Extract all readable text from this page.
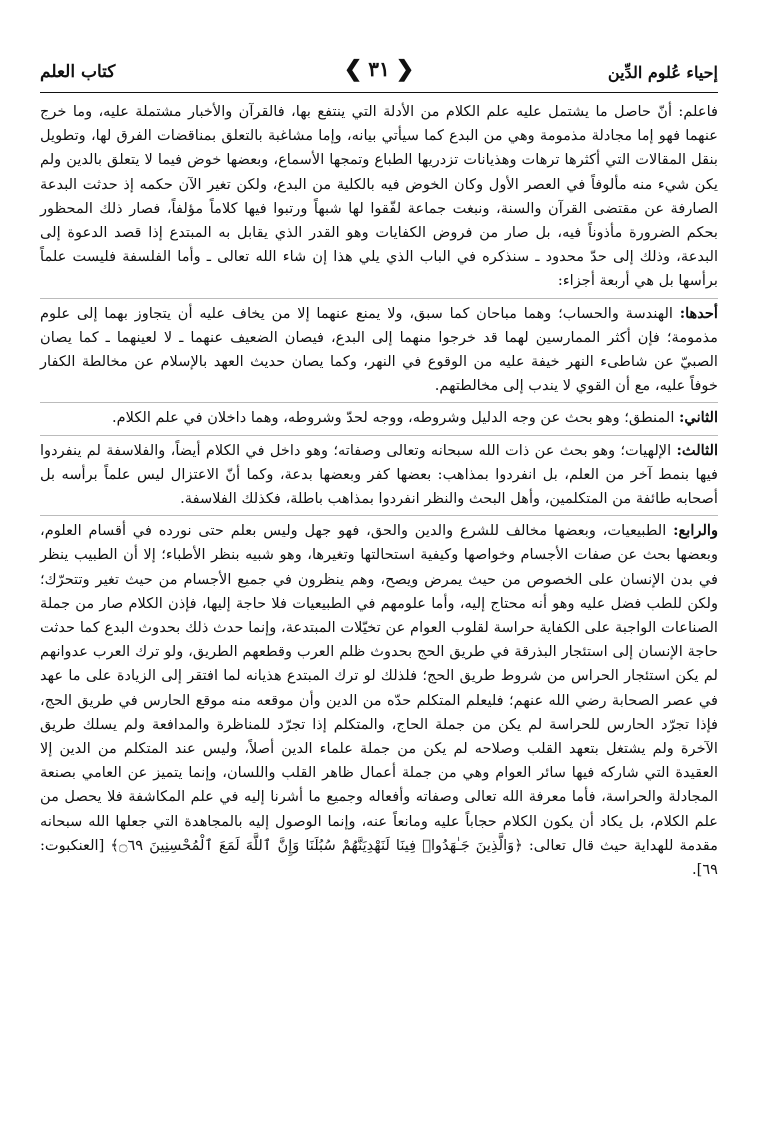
كتاب العلم	❮ ٣١ ❯	إحياء عُلوم الدِّين

فاعلم: أنّ حاصل ما يشتمل عليه علم الكلام من الأدلة التي ينتفع بها، فالقرآن والأخبار مشتملة عليه، وما خرج عنهما فهو إما مجادلة مذمومة وهي من البدع كما سيأتي بيانه، وإما مشاغبة بالتعلق بمناقضات الفرق لها، وتطويل بنقل المقالات التي أكثرها ترهات وهذيانات تزدريها الطباع وتمجها الأسماع، وبعضها خوض فيما لا يتعلق بالدين ولم يكن شيء منه مألوفاً في العصر الأول وكان الخوض فيه بالكلية من البدع، ولكن تغير الآن حكمه إذ حدثت البدعة الصارفة عن مقتضى القرآن والسنة، ونبغت جماعة لفّقوا لها شبهاً ورتبوا فيها كلاماً مؤلفاً، فصار ذلك المحظور بحكم الضرورة مأذوناً فيه، بل صار من فروض الكفايات وهو القدر الذي يقابل به المبتدع إذا قصد الدعوة إلى البدعة، وذلك إلى حدّ محدود ـ سنذكره في الباب الذي يلي هذا إن شاء الله تعالى ـ وأما الفلسفة فليست علماً برأسها بل هي أربعة أجزاء:

أحدها: الهندسة والحساب؛ وهما مباحان كما سبق، ولا يمنع عنهما إلا من يخاف عليه أن يتجاوز بهما إلى علوم مذمومة؛ فإن أكثر الممارسين لهما قد خرجوا منهما إلى البدع، فيصان الضعيف عنهما ـ لا لعينهما ـ كما يصان الصبيّ عن شاطىء النهر خيفة عليه من الوقوع في النهر، وكما يصان حديث العهد بالإسلام عن مخالطة الكفار خوفاً عليه، مع أن القوي لا يندب إلى مخالطتهم.

الثاني: المنطق؛ وهو بحث عن وجه الدليل وشروطه، ووجه لحدّ وشروطه، وهما داخلان في علم الكلام.

الثالث: الإلهيات؛ وهو بحث عن ذات الله سبحانه وتعالى وصفاته؛ وهو داخل في الكلام أيضاً، والفلاسفة لم ينفردوا فيها بنمط آخر من العلم، بل انفردوا بمذاهب: بعضها كفر وبعضها بدعة، وكما أنّ الاعتزال ليس علماً برأسه بل أصحابه طائفة من المتكلمين، وأهل البحث والنظر انفردوا بمذاهب باطلة، فكذلك الفلاسفة.

والرابع: الطبيعيات، وبعضها مخالف للشرع والدين والحق، فهو جهل وليس بعلم حتى نورده في أقسام العلوم، وبعضها بحث عن صفات الأجسام وخواصها وكيفية استحالتها وتغيرها، وهو شبيه بنظر الأطباء؛ إلا أن الطبيب ينظر في بدن الإنسان على الخصوص من حيث يمرض ويصح، وهم ينظرون في جميع الأجسام من حيث تغير وتتحرّك؛ ولكن للطب فضل عليه وهو أنه محتاج إليه، وأما علومهم في الطبيعيات فلا حاجة إليها، فإذن الكلام صار من جملة الصناعات الواجبة على الكفاية حراسة لقلوب العوام عن تخيّلات المبتدعة، وإنما حدث ذلك بحدوث البدع كما حدثت حاجة الإنسان إلى استئجار البذرقة في طريق الحج بحدوث ظلم العرب وقطعهم الطريق، ولو ترك العرب عدوانهم لم يكن استئجار الحراس من شروط طريق الحج؛ فلذلك لو ترك المبتدع هذيانه لما افتقر إلى الزيادة على ما عهد في عصر الصحابة رضي الله عنهم؛ فليعلم المتكلم حدّه من الدين وأن موقعه منه موقع الحارس في طريق الحج، فإذا تجرّد الحارس للحراسة لم يكن من جملة الحاج، والمتكلم إذا تجرّد للمناظرة والمدافعة ولم يسلك طريق الآخرة ولم يشتغل بتعهد القلب وصلاحه لم يكن من جملة علماء الدين أصلاً، وليس عند المتكلم من الدين إلا العقيدة التي شاركه فيها سائر العوام وهي من جملة أعمال ظاهر القلب واللسان، وإنما يتميز عن العامي بصنعة المجادلة والحراسة، فأما معرفة الله تعالى وصفاته وأفعاله وجميع ما أشرنا إليه في علم المكاشفة فلا يحصل من علم الكلام، بل يكاد أن يكون الكلام حجاباً عليه ومانعاً عنه، وإنما الوصول إليه بالمجاهدة التي جعلها الله سبحانه مقدمة للهداية حيث قال تعالى: ﴿وَالَّذِينَ جَـٰهَدُوا۟ فِينَا لَنَهْدِيَنَّهُمْ سُبُلَنَا وَإِنَّ ٱللَّهَ لَمَعَ ٱلْمُحْسِنِينَ ۝٦٩﴾ [العنكبوت: ٦٩].
